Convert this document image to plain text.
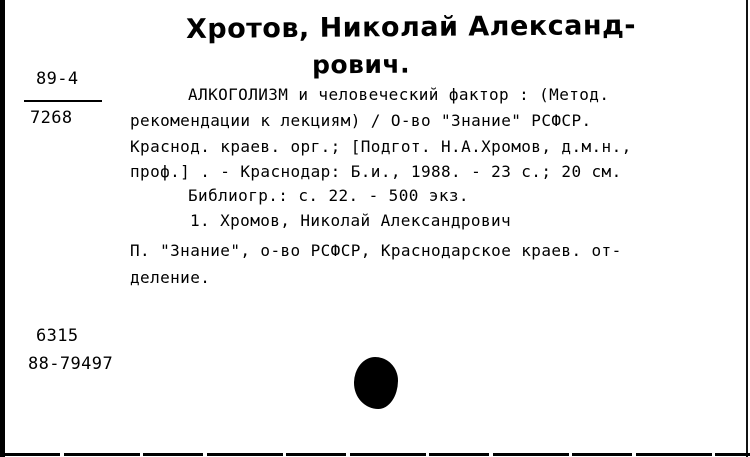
Хротов, Николай Александ-
рович.
89-4
7268
АЛКОГОЛИЗМ и человеческий фактор : (Метод.
рекомендации к лекциям) / О-во "Знание" РСФСР.
Краснод. краев. орг.; [Подгот. Н.А.Хромов, д.м.н.,
проф.] . - Краснодар: Б.и., 1988. - 23 с.; 20 см.
Библиогр.: с. 22. - 500 экз.
1. Хромов, Николай Александрович
П. "Знание", о-во РСФСР, Краснодарское краев. от-
деление.
6315
88-79497
